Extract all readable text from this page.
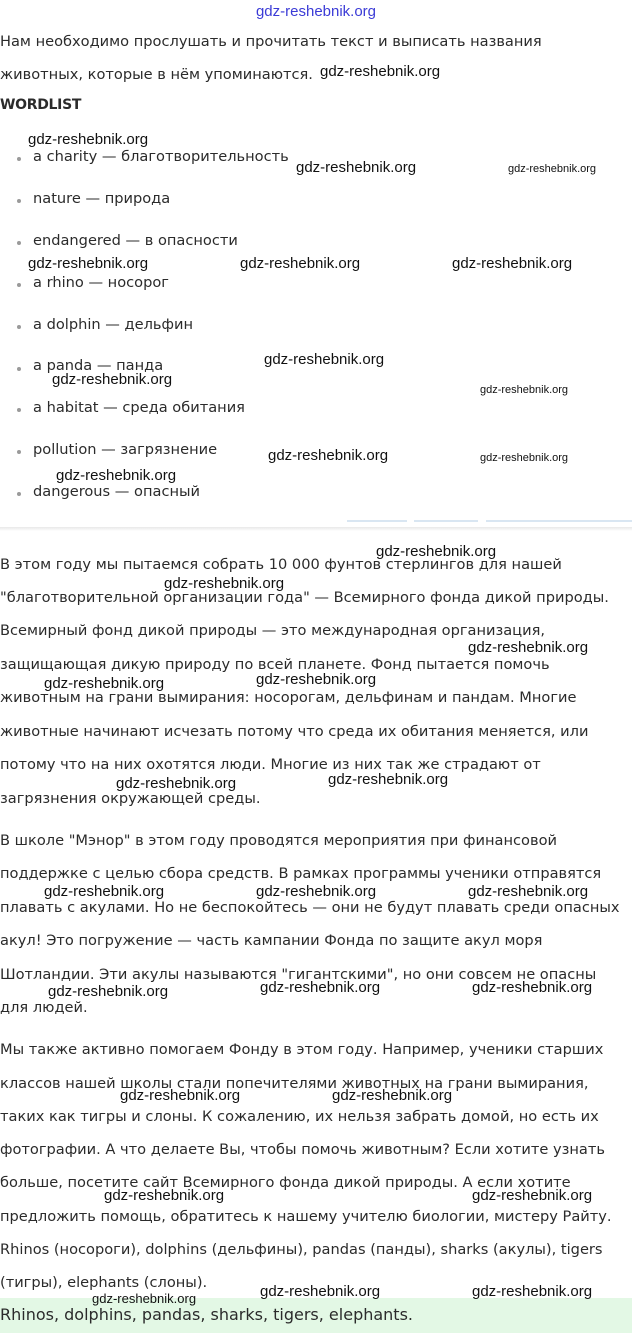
gdz-reshebnik.org

Нам необходимо прослушать и прочитать текст и выписать названия

животных, которые в нём упоминаются.

WORDLIST
a charity — благотворительность
nature — природа
endangered — в опасности
a rhino — носорог
a dolphin — дельфин
a panda — панда
a habitat — среда обитания
pollution — загрязнение
dangerous — опасный

В этом году мы пытаемся собрать 10 000 фунтов стерлингов для нашей

"благотворительной организации года" — Всемирного фонда дикой природы.

Всемирный фонд дикой природы — это международная организация,

защищающая дикую природу по всей планете. Фонд пытается помочь

животным на грани вымирания: носорогам, дельфинам и пандам. Многие

животные начинают исчезать потому что среда их обитания меняется, или

потому что на них охотятся люди. Многие из них так же страдают от

загрязнения окружающей среды.

В школе "Мэнор" в этом году проводятся мероприятия при финансовой

поддержке с целью сбора средств. В рамках программы ученики отправятся

плавать с акулами. Но не беспокойтесь — они не будут плавать среди опасных

акул! Это погружение — часть кампании Фонда по защите акул моря

Шотландии. Эти акулы называются "гигантскими", но они совсем не опасны

для людей.

Мы также активно помогаем Фонду в этом году. Например, ученики старших

классов нашей школы стали попечителями животных на грани вымирания,

таких как тигры и слоны. К сожалению, их нельзя забрать домой, но есть их

фотографии. А что делаете Вы, чтобы помочь животным? Если хотите узнать

больше, посетите сайт Всемирного фонда дикой природы. А если хотите

предложить помощь, обратитесь к нашему учителю биологии, мистеру Райту.

Rhinos (носороги), dolphins (дельфины), pandas (панды), sharks (акулы), tigers

(тигры), elephants (слоны).

Rhinos, dolphins, pandas, sharks, tigers, elephants.
gdz-reshebnik.org
gdz-reshebnik.org
gdz-reshebnik.org	gdz-reshebnik.org
gdz-reshebnik.org	gdz-reshebnik.org	gdz-reshebnik.org
gdz-reshebnik.org
gdz-reshebnik.org
gdz-reshebnik.org
gdz-reshebnik.org	gdz-reshebnik.org
gdz-reshebnik.org
gdz-reshebnik.org
gdz-reshebnik.org
gdz-reshebnik.org
gdz-reshebnik.org	gdz-reshebnik.org
gdz-reshebnik.org
gdz-reshebnik.org
gdz-reshebnik.org	gdz-reshebnik.org	gdz-reshebnik.org
gdz-reshebnik.org	gdz-reshebnik.org
gdz-reshebnik.org
gdz-reshebnik.org	gdz-reshebnik.org
gdz-reshebnik.org	gdz-reshebnik.org
gdz-reshebnik.org	gdz-reshebnik.org
gdz-reshebnik.org
